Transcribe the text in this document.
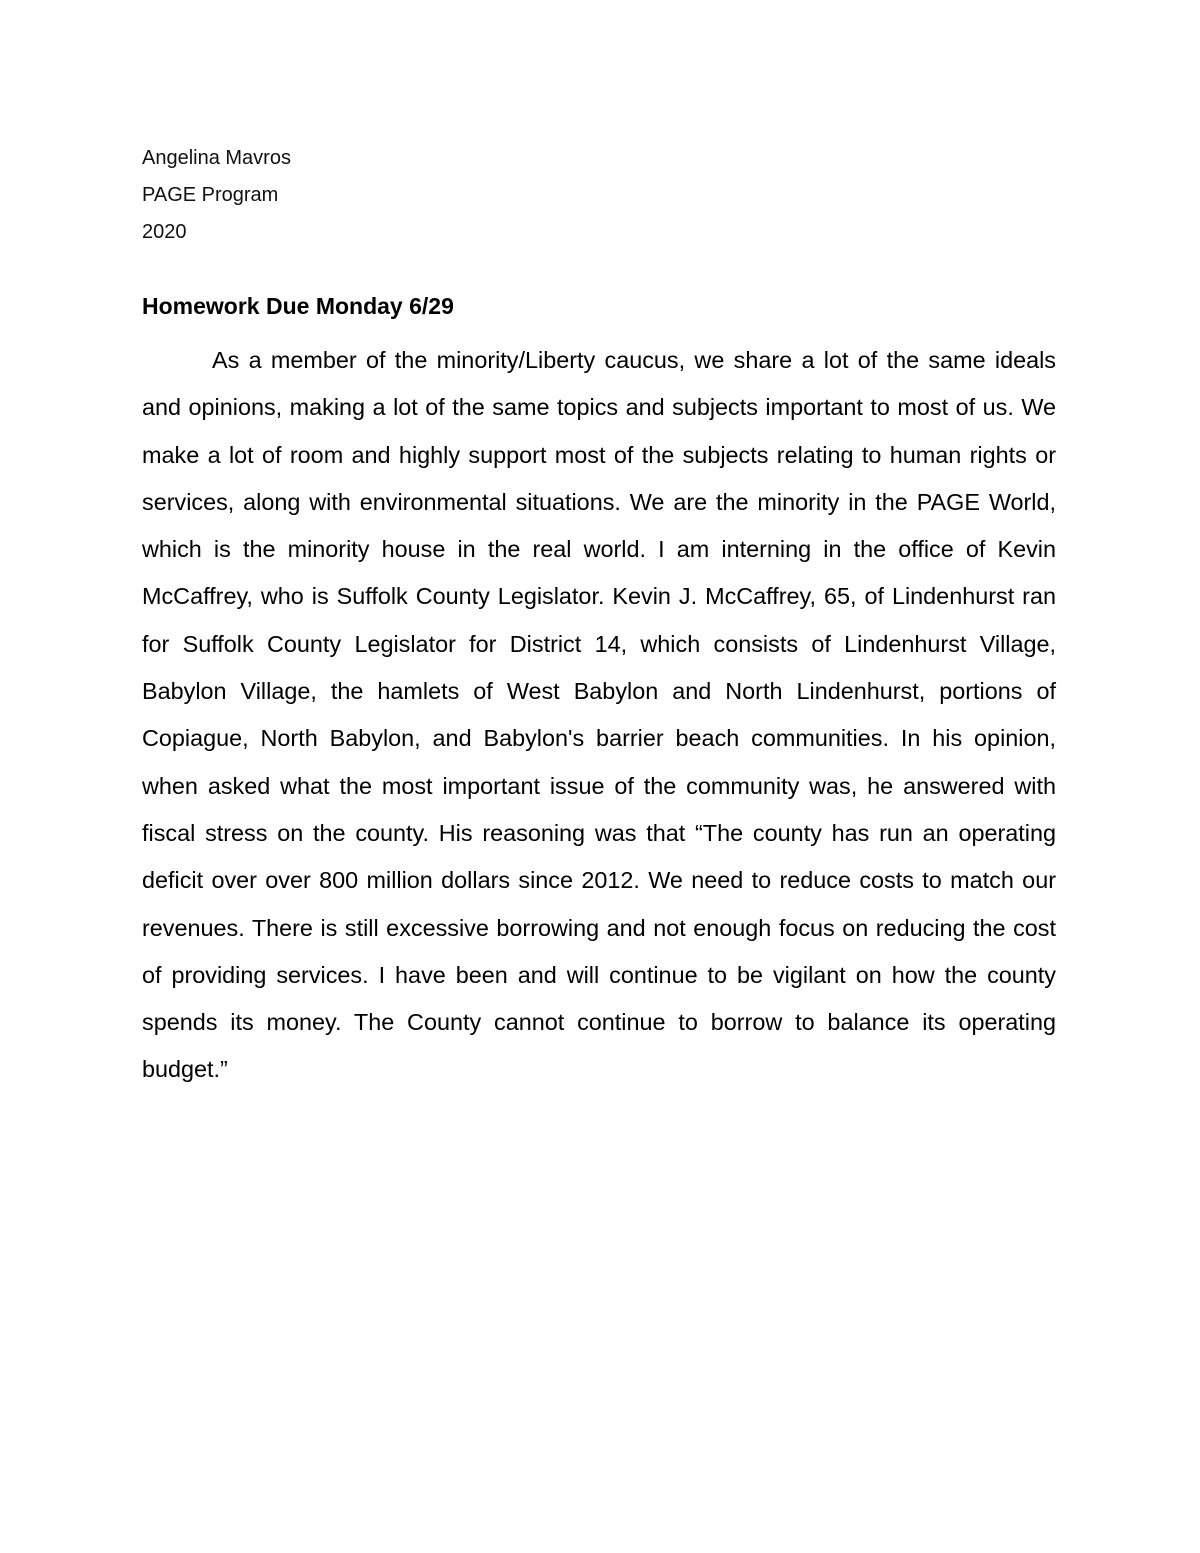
Angelina Mavros
PAGE Program
2020
Homework Due Monday 6/29

As a member of the minority/Liberty caucus, we share a lot of the same ideals and opinions, making a lot of the same topics and subjects important to most of us. We make a lot of room and highly support most of the subjects relating to human rights or services, along with environmental situations. We are the minority in the PAGE World, which is the minority house in the real world. I am interning in the office of Kevin McCaffrey, who is Suffolk County Legislator. Kevin J. McCaffrey, 65, of Lindenhurst ran for Suffolk County Legislator for District 14, which consists of Lindenhurst Village, Babylon Village, the hamlets of West Babylon and North Lindenhurst, portions of Copiague, North Babylon, and Babylon's barrier beach communities. In his opinion, when asked what the most important issue of the community was, he answered with fiscal stress on the county. His reasoning was that “The county has run an operating deficit over over 800 million dollars since 2012. We need to reduce costs to match our revenues. There is still excessive borrowing and not enough focus on reducing the cost of providing services. I have been and will continue to be vigilant on how the county spends its money. The County cannot continue to borrow to balance its operating budget.”
